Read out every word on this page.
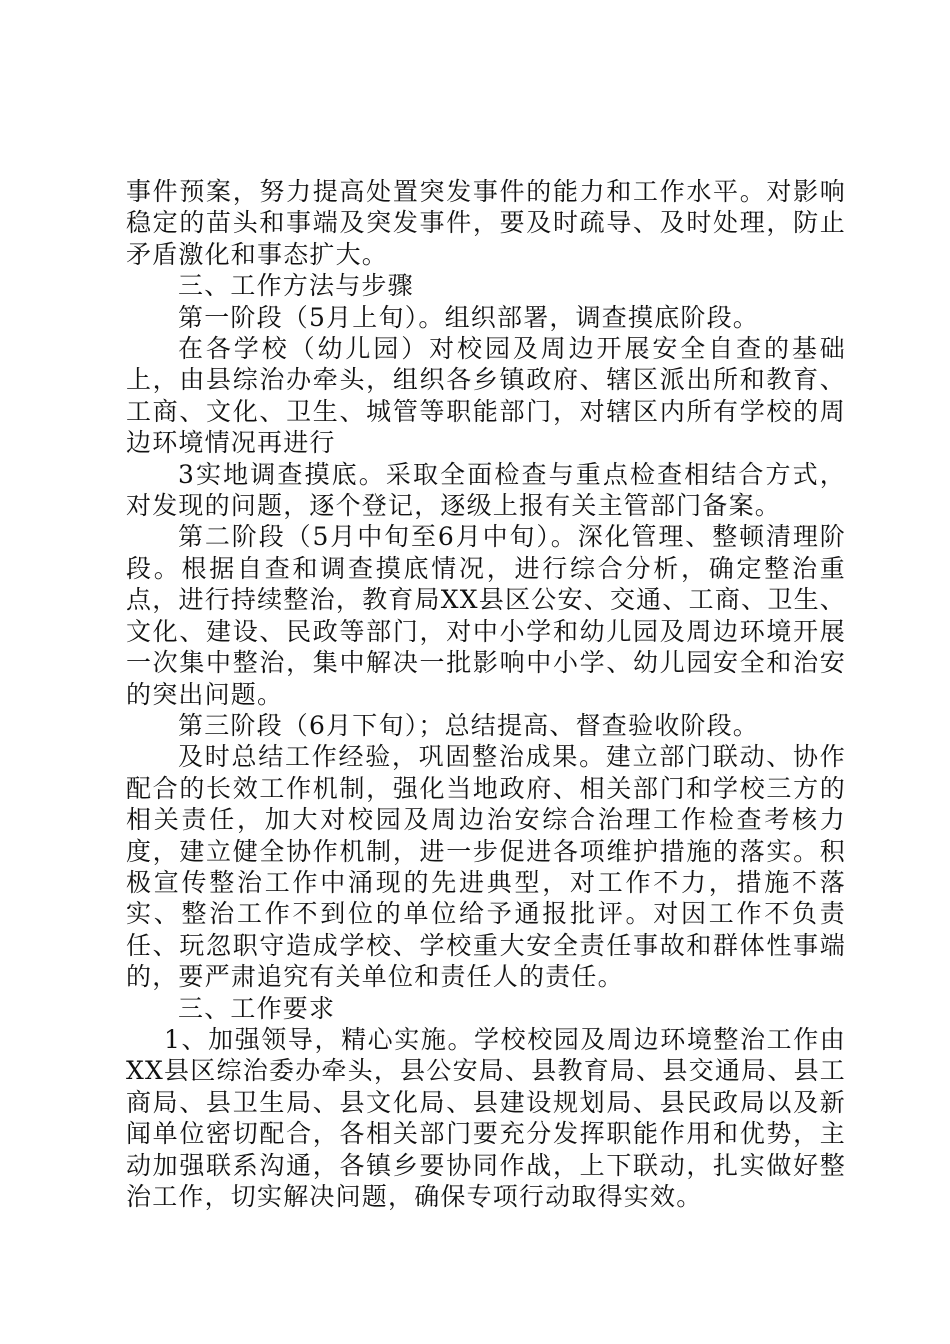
事件预案，努力提高处置突发事件的能力和工作水平。对影响稳定的苗头和事端及突发事件，要及时疏导、及时处理，防止矛盾激化和事态扩大。

三、工作方法与步骤

第一阶段（5月上旬）。组织部署，调查摸底阶段。

在各学校（幼儿园）对校园及周边开展安全自查的基础上，由县综治办牵头，组织各乡镇政府、辖区派出所和教育、工商、文化、卫生、城管等职能部门，对辖区内所有学校的周边环境情况再进行

3实地调查摸底。采取全面检查与重点检查相结合方式，对发现的问题，逐个登记，逐级上报有关主管部门备案。

第二阶段（5月中旬至6月中旬）。深化管理、整顿清理阶段。根据自查和调查摸底情况，进行综合分析，确定整治重点，进行持续整治，教育局XX县区公安、交通、工商、卫生、文化、建设、民政等部门，对中小学和幼儿园及周边环境开展一次集中整治，集中解决一批影响中小学、幼儿园安全和治安的突出问题。

第三阶段（6月下旬）；总结提高、督查验收阶段。

及时总结工作经验，巩固整治成果。建立部门联动、协作配合的长效工作机制，强化当地政府、相关部门和学校三方的相关责任，加大对校园及周边治安综合治理工作检查考核力度，建立健全协作机制，进一步促进各项维护措施的落实。积极宣传整治工作中涌现的先进典型，对工作不力，措施不落实、整治工作不到位的单位给予通报批评。对因工作不负责任、玩忽职守造成学校、学校重大安全责任事故和群体性事端的，要严肃追究有关单位和责任人的责任。

三、工作要求

1、加强领导，精心实施。学校校园及周边环境整治工作由XX县区综治委办牵头，县公安局、县教育局、县交通局、县工商局、县卫生局、县文化局、县建设规划局、县民政局以及新闻单位密切配合，各相关部门要充分发挥职能作用和优势，主动加强联系沟通，各镇乡要协同作战，上下联动，扎实做好整治工作，切实解决问题，确保专项行动取得实效。
